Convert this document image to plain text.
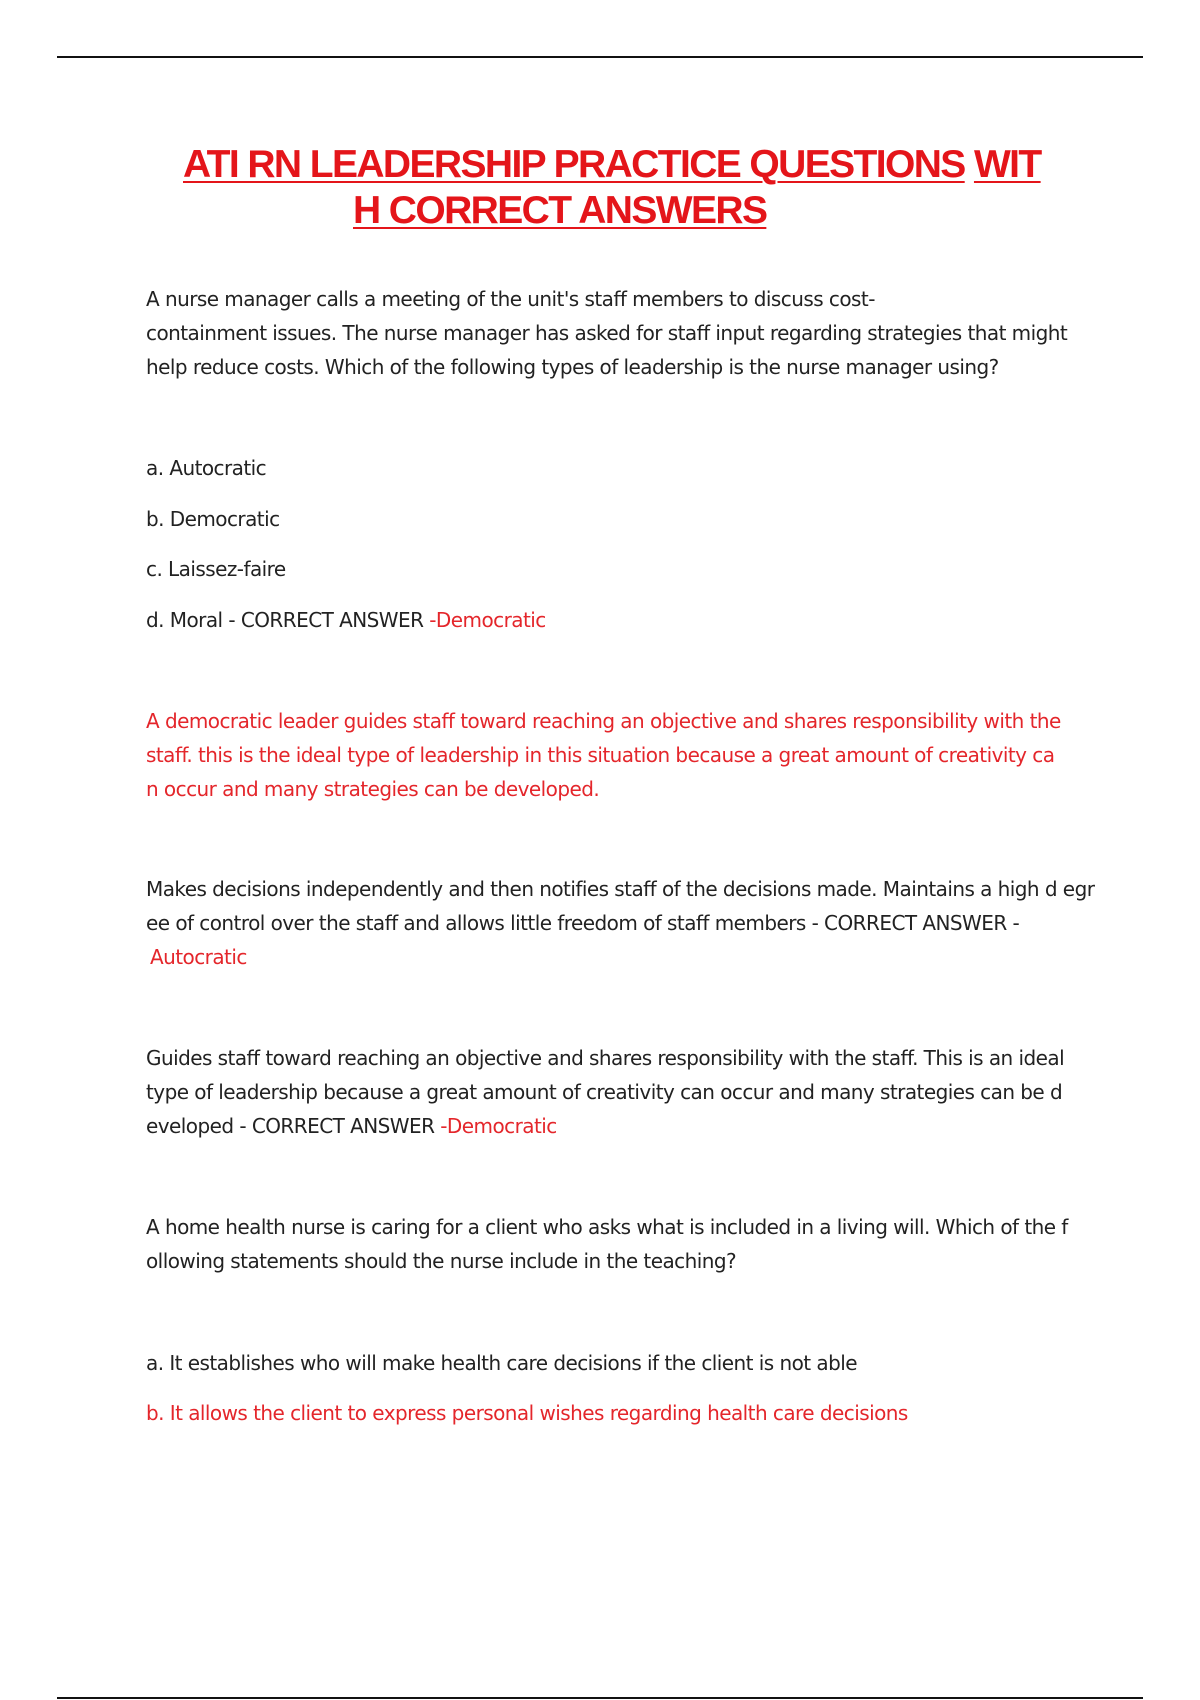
ATI RN LEADERSHIP PRACTICE QUESTIONS WIT
H CORRECT ANSWERS

A nurse manager calls a meeting of the unit's staff members to discuss cost-
containment issues. The nurse manager has asked for staff input regarding strategies that might
help reduce costs. Which of the following types of leadership is the nurse manager using?

a. Autocratic

b. Democratic

c. Laissez-faire

d. Moral - CORRECT ANSWER -Democratic

A democratic leader guides staff toward reaching an objective and shares responsibility with the
staff. this is the ideal type of leadership in this situation because a great amount of creativity ca
n occur and many strategies can be developed.

Makes decisions independently and then notifies staff of the decisions made. Maintains a high d egr
ee of control over the staff and allows little freedom of staff members - CORRECT ANSWER -
Autocratic

Guides staff toward reaching an objective and shares responsibility with the staff. This is an ideal
type of leadership because a great amount of creativity can occur and many strategies can be d
eveloped - CORRECT ANSWER -Democratic

A home health nurse is caring for a client who asks what is included in a living will. Which of the f
ollowing statements should the nurse include in the teaching?

a. It establishes who will make health care decisions if the client is not able

b. It allows the client to express personal wishes regarding health care decisions
